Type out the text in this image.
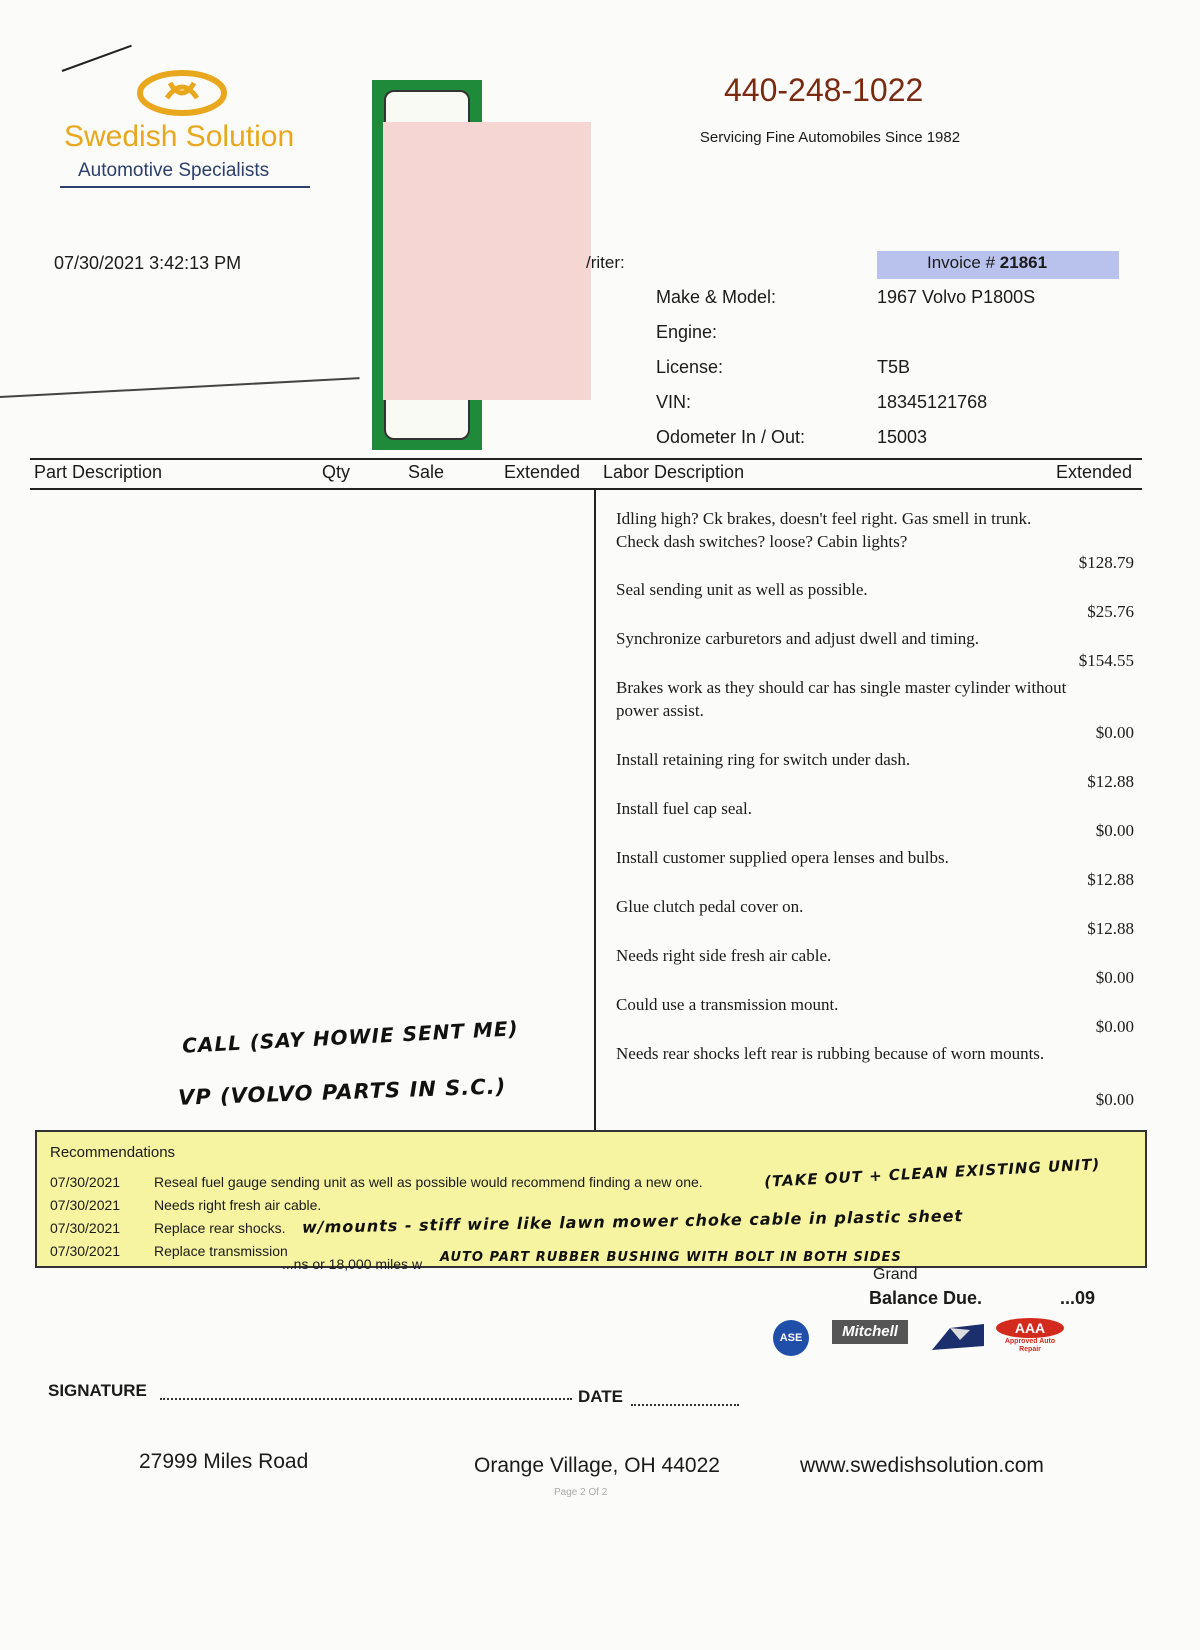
Swedish Solution
Automotive Specialists
440-248-1022
Servicing Fine Automobiles Since 1982
07/30/2021 3:42:13 PM	/riter:	Invoice # 21861
Make & Model:	1967 Volvo P1800S
Engine:
License:	T5B
VIN:	18345121768
Odometer In / Out:	15003
Part Description	Qty	Sale	Extended Labor Description	Extended
Idling high? Ck brakes, doesn't feel right. Gas smell in trunk. Check dash switches? loose? Cabin lights?
$128.79
Seal sending unit as well as possible.
$25.76
Synchronize carburetors and adjust dwell and timing.
$154.55
Brakes work as they should car has single master cylinder without power assist.
$0.00
Install retaining ring for switch under dash.
$12.88
Install fuel cap seal.
$0.00
Install customer supplied opera lenses and bulbs.
$12.88
Glue clutch pedal cover on.
$12.88
Needs right side fresh air cable.
$0.00
Could use a transmission mount.
$0.00
Needs rear shocks left rear is rubbing because of worn mounts.
$0.00
CALL (SAY HOWIE SENT ME)
VP (VOLVO PARTS IN S.C.)
Recommendations
07/30/2021 Reseal fuel gauge sending unit as well as possible would recommend finding a new one.
07/30/2021 Needs right fresh air cable.
07/30/2021 Replace rear shocks.
07/30/2021 Replace transmission
...ns or 18,000 miles w
(TAKE OUT + CLEAN EXISTING UNIT)
w/mounts - stiff wire like lawn mower choke cable in plastic sheet
AUTO PART RUBBER BUSHING WITH BOLT IN BOTH SIDES
Grand
Balance Due.	...09
ASE	Mitchell	AAA
Approved Auto Repair
SIGNATURE	DATE
27999 Miles Road	Orange Village, OH 44022	www.swedishsolution.com
Page 2 Of 2
